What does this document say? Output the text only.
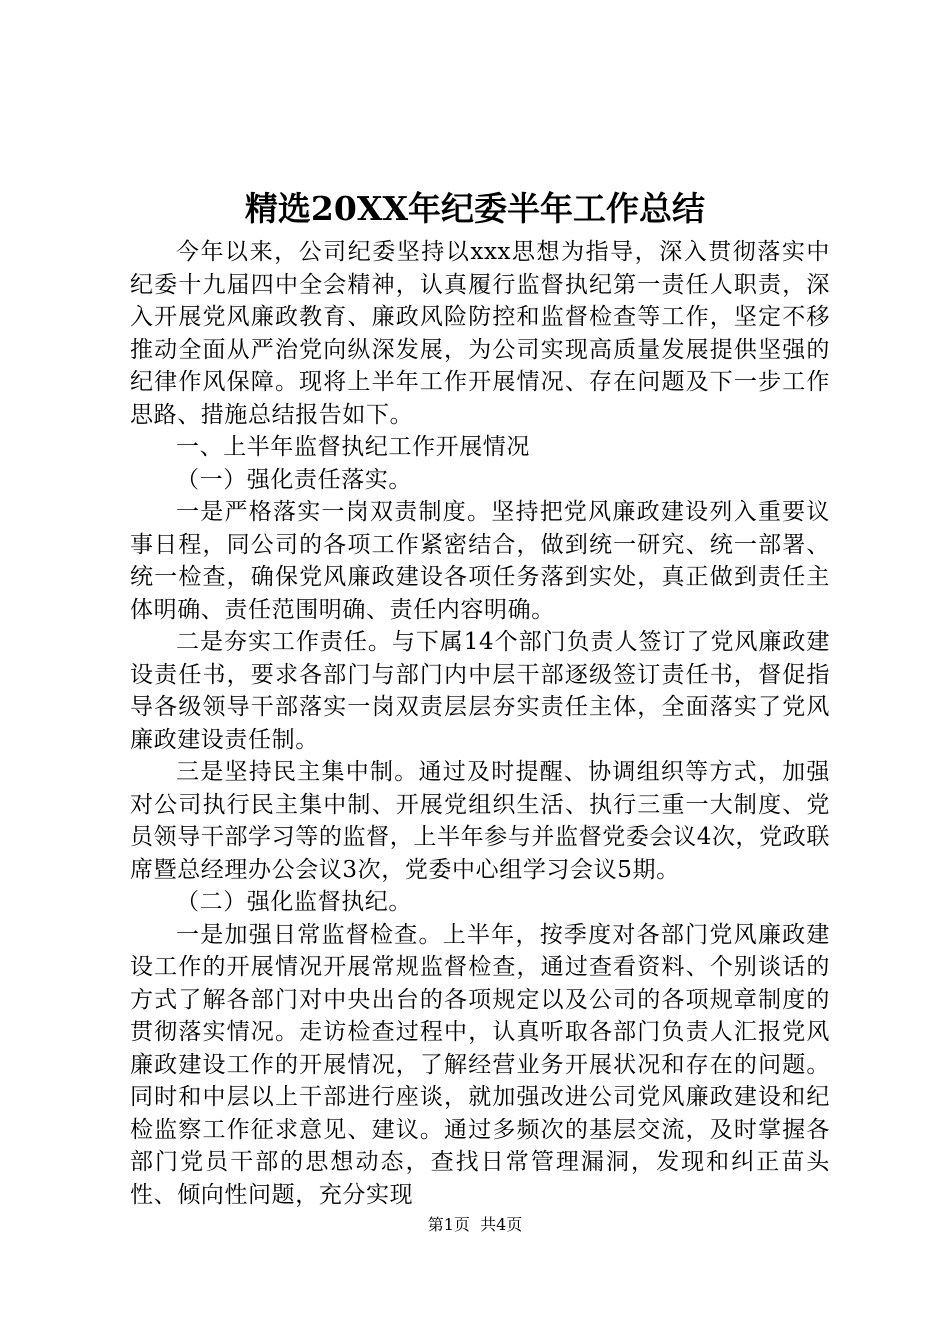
精选20XX年纪委半年工作总结

今年以来，公司纪委坚持以xxx思想为指导，深入贯彻落实中纪委十九届四中全会精神，认真履行监督执纪第一责任人职责，深入开展党风廉政教育、廉政风险防控和监督检查等工作，坚定不移推动全面从严治党向纵深发展，为公司实现高质量发展提供坚强的纪律作风保障。现将上半年工作开展情况、存在问题及下一步工作思路、措施总结报告如下。

一、上半年监督执纪工作开展情况

（一）强化责任落实。

一是严格落实一岗双责制度。坚持把党风廉政建设列入重要议事日程，同公司的各项工作紧密结合，做到统一研究、统一部署、统一检查，确保党风廉政建设各项任务落到实处，真正做到责任主体明确、责任范围明确、责任内容明确。

二是夯实工作责任。与下属14个部门负责人签订了党风廉政建设责任书，要求各部门与部门内中层干部逐级签订责任书，督促指导各级领导干部落实一岗双责层层夯实责任主体，全面落实了党风廉政建设责任制。

三是坚持民主集中制。通过及时提醒、协调组织等方式，加强对公司执行民主集中制、开展党组织生活、执行三重一大制度、党员领导干部学习等的监督，上半年参与并监督党委会议4次，党政联席暨总经理办公会议3次，党委中心组学习会议5期。

（二）强化监督执纪。

一是加强日常监督检查。上半年，按季度对各部门党风廉政建设工作的开展情况开展常规监督检查，通过查看资料、个别谈话的方式了解各部门对中央出台的各项规定以及公司的各项规章制度的贯彻落实情况。走访检查过程中，认真听取各部门负责人汇报党风廉政建设工作的开展情况，了解经营业务开展状况和存在的问题。同时和中层以上干部进行座谈，就加强改进公司党风廉政建设和纪检监察工作征求意见、建议。通过多频次的基层交流，及时掌握各部门党员干部的思想动态，查找日常管理漏洞，发现和纠正苗头性、倾向性问题，充分实现

第1页 共4页
